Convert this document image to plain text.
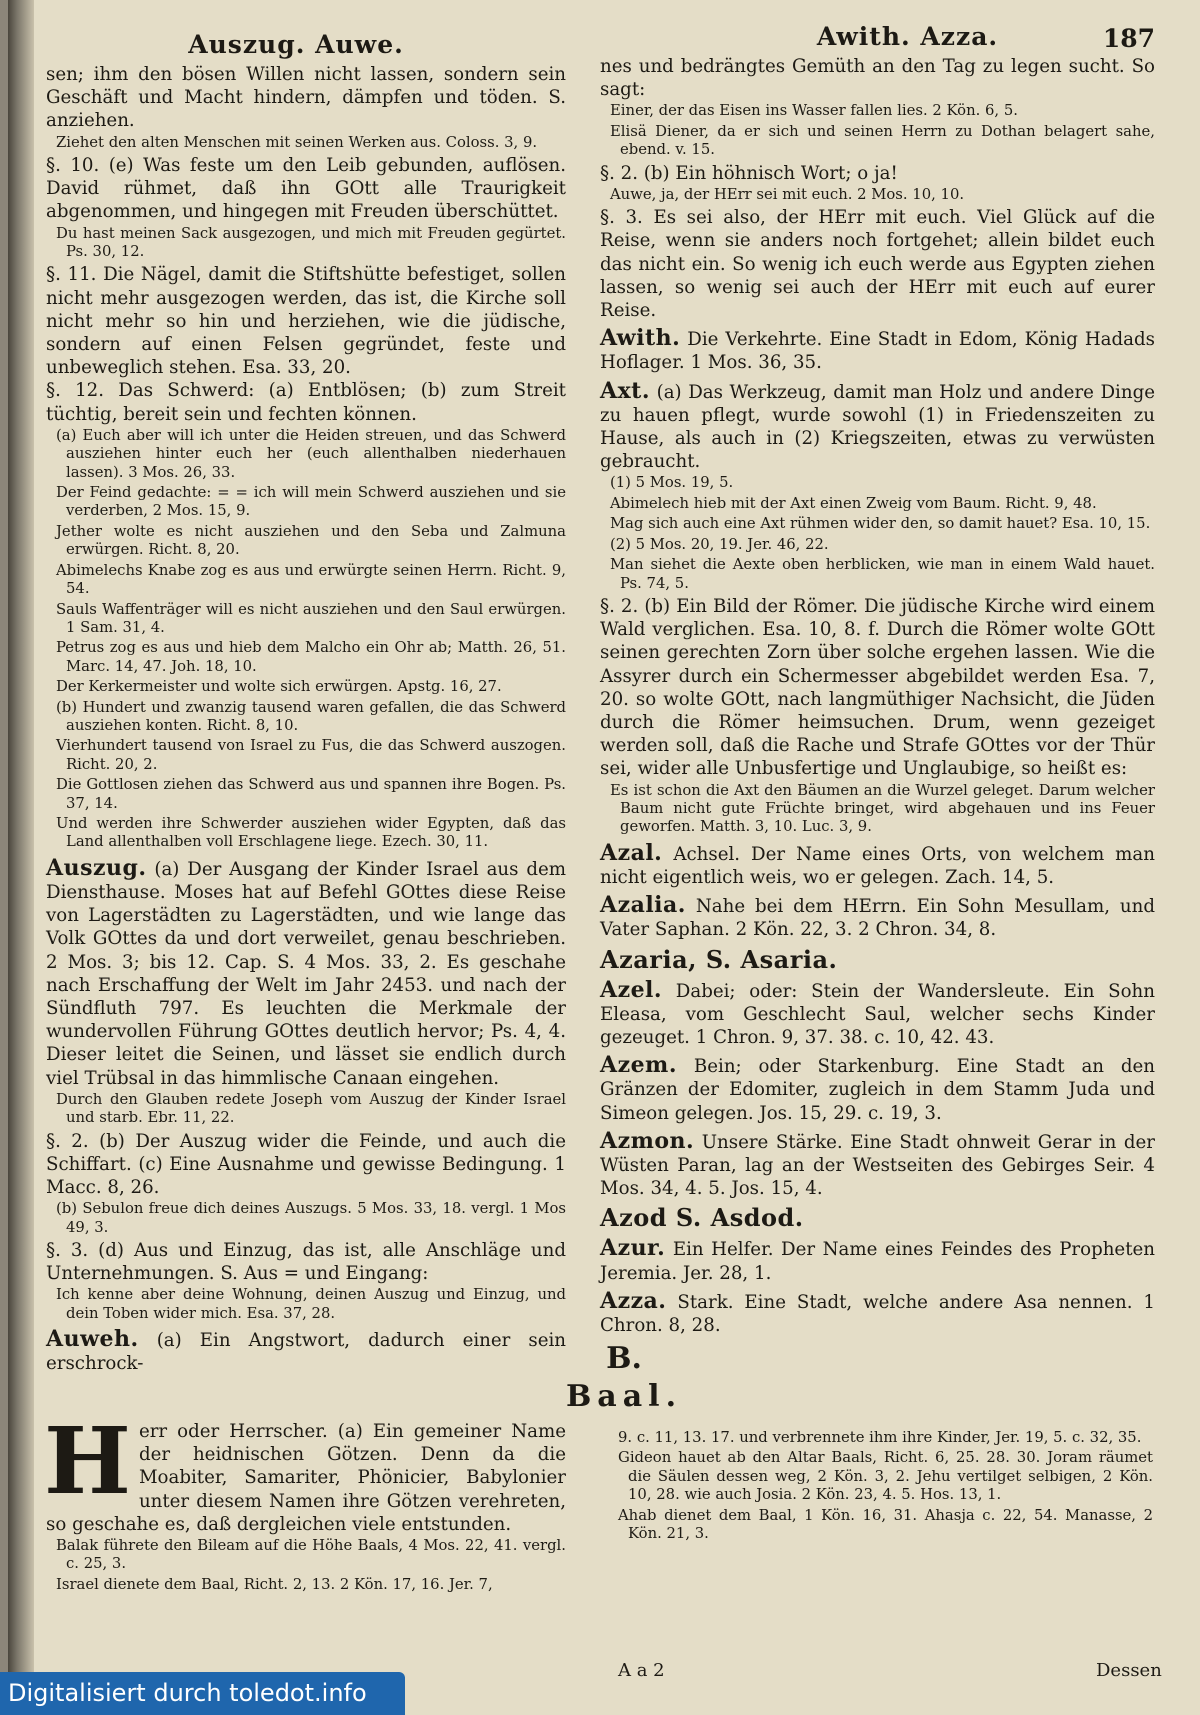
Auszug. Auwe.

sen; ihm den bösen Willen nicht lassen, sondern sein Geschäft und Macht hindern, dämpfen und töden. S. anziehen.

Ziehet den alten Menschen mit seinen Werken aus. Coloss. 3, 9.

§. 10. (e) Was feste um den Leib gebunden, auflösen. David rühmet, daß ihn GOtt alle Traurigkeit abgenommen, und hingegen mit Freuden überschüttet.

Du hast meinen Sack ausgezogen, und mich mit Freuden gegürtet. Ps. 30, 12.

§. 11. Die Nägel, damit die Stiftshütte befestiget, sollen nicht mehr ausgezogen werden, das ist, die Kirche soll nicht mehr so hin und herziehen, wie die jüdische, sondern auf einen Felsen gegründet, feste und unbeweglich stehen. Esa. 33, 20.

§. 12. Das Schwerd: (a) Entblösen; (b) zum Streit tüchtig, bereit sein und fechten können.

(a) Euch aber will ich unter die Heiden streuen, und das Schwerd ausziehen hinter euch her (euch allenthalben niederhauen lassen). 3 Mos. 26, 33.

Der Feind gedachte: = = ich will mein Schwerd ausziehen und sie verderben, 2 Mos. 15, 9.

Jether wolte es nicht ausziehen und den Seba und Zalmuna erwürgen. Richt. 8, 20.

Abimelechs Knabe zog es aus und erwürgte seinen Herrn. Richt. 9, 54.

Sauls Waffenträger will es nicht ausziehen und den Saul erwürgen. 1 Sam. 31, 4.

Petrus zog es aus und hieb dem Malcho ein Ohr ab; Matth. 26, 51. Marc. 14, 47. Joh. 18, 10.

Der Kerkermeister und wolte sich erwürgen. Apstg. 16, 27.

(b) Hundert und zwanzig tausend waren gefallen, die das Schwerd ausziehen konten. Richt. 8, 10.

Vierhundert tausend von Israel zu Fus, die das Schwerd auszogen. Richt. 20, 2.

Die Gottlosen ziehen das Schwerd aus und spannen ihre Bogen. Ps. 37, 14.

Und werden ihre Schwerder ausziehen wider Egypten, daß das Land allenthalben voll Erschlagene liege. Ezech. 30, 11.

Auszug. (a) Der Ausgang der Kinder Israel aus dem Diensthause. Moses hat auf Befehl GOttes diese Reise von Lagerstädten zu Lagerstädten, und wie lange das Volk GOttes da und dort verweilet, genau beschrieben. 2 Mos. 3; bis 12. Cap. S. 4 Mos. 33, 2. Es geschahe nach Erschaffung der Welt im Jahr 2453. und nach der Sündfluth 797. Es leuchten die Merkmale der wundervollen Führung GOttes deutlich hervor; Ps. 4, 4. Dieser leitet die Seinen, und lässet sie endlich durch viel Trübsal in das himmlische Canaan eingehen.

Durch den Glauben redete Joseph vom Auszug der Kinder Israel und starb. Ebr. 11, 22.

§. 2. (b) Der Auszug wider die Feinde, und auch die Schiffart. (c) Eine Ausnahme und gewisse Bedingung. 1 Macc. 8, 26.

(b) Sebulon freue dich deines Auszugs. 5 Mos. 33, 18. vergl. 1 Mos 49, 3.

§. 3. (d) Aus und Einzug, das ist, alle Anschläge und Unternehmungen. S. Aus = und Eingang:

Ich kenne aber deine Wohnung, deinen Auszug und Einzug, und dein Toben wider mich. Esa. 37, 28.

Auweh. (a) Ein Angstwort, dadurch einer sein erschrock-

Awith. Azza.	187

nes und bedrängtes Gemüth an den Tag zu legen sucht. So sagt:

Einer, der das Eisen ins Wasser fallen lies. 2 Kön. 6, 5.

Elisä Diener, da er sich und seinen Herrn zu Dothan belagert sahe, ebend. v. 15.

§. 2. (b) Ein höhnisch Wort; o ja!

Auwe, ja, der HErr sei mit euch. 2 Mos. 10, 10.

§. 3. Es sei also, der HErr mit euch. Viel Glück auf die Reise, wenn sie anders noch fortgehet; allein bildet euch das nicht ein. So wenig ich euch werde aus Egypten ziehen lassen, so wenig sei auch der HErr mit euch auf eurer Reise.

Awith. Die Verkehrte. Eine Stadt in Edom, König Hadads Hoflager. 1 Mos. 36, 35.

Axt. (a) Das Werkzeug, damit man Holz und andere Dinge zu hauen pflegt, wurde sowohl (1) in Friedenszeiten zu Hause, als auch in (2) Kriegszeiten, etwas zu verwüsten gebraucht.

(1) 5 Mos. 19, 5.

Abimelech hieb mit der Axt einen Zweig vom Baum. Richt. 9, 48.

Mag sich auch eine Axt rühmen wider den, so damit hauet? Esa. 10, 15.

(2) 5 Mos. 20, 19. Jer. 46, 22.

Man siehet die Aexte oben herblicken, wie man in einem Wald hauet. Ps. 74, 5.

§. 2. (b) Ein Bild der Römer. Die jüdische Kirche wird einem Wald verglichen. Esa. 10, 8. f. Durch die Römer wolte GOtt seinen gerechten Zorn über solche ergehen lassen. Wie die Assyrer durch ein Schermesser abgebildet werden Esa. 7, 20. so wolte GOtt, nach langmüthiger Nachsicht, die Jüden durch die Römer heimsuchen. Drum, wenn gezeiget werden soll, daß die Rache und Strafe GOttes vor der Thür sei, wider alle Unbusfertige und Unglaubige, so heißt es:

Es ist schon die Axt den Bäumen an die Wurzel geleget. Darum welcher Baum nicht gute Früchte bringet, wird abgehauen und ins Feuer geworfen. Matth. 3, 10. Luc. 3, 9.

Azal. Achsel. Der Name eines Orts, von welchem man nicht eigentlich weis, wo er gelegen. Zach. 14, 5.

Azalia. Nahe bei dem HErrn. Ein Sohn Mesullam, und Vater Saphan. 2 Kön. 22, 3. 2 Chron. 34, 8.

Azaria, S. Asaria.

Azel. Dabei; oder: Stein der Wandersleute. Ein Sohn Eleasa, vom Geschlecht Saul, welcher sechs Kinder gezeuget. 1 Chron. 9, 37. 38. c. 10, 42. 43.

Azem. Bein; oder Starkenburg. Eine Stadt an den Gränzen der Edomiter, zugleich in dem Stamm Juda und Simeon gelegen. Jos. 15, 29. c. 19, 3.

Azmon. Unsere Stärke. Eine Stadt ohnweit Gerar in der Wüsten Paran, lag an der Westseiten des Gebirges Seir. 4 Mos. 34, 4. 5. Jos. 15, 4.

Azod S. Asdod.

Azur. Ein Helfer. Der Name eines Feindes des Propheten Jeremia. Jer. 28, 1.

Azza. Stark. Eine Stadt, welche andere Asa nennen. 1 Chron. 8, 28.

B.
Baal.

Herr oder Herrscher. (a) Ein gemeiner Name der heidnischen Götzen. Denn da die Moabiter, Samariter, Phönicier, Babylonier unter diesem Namen ihre Götzen verehreten, so geschahe es, daß dergleichen viele entstunden.

Balak führete den Bileam auf die Höhe Baals, 4 Mos. 22, 41. vergl. c. 25, 3.

Israel dienete dem Baal, Richt. 2, 13. 2 Kön. 17, 16. Jer. 7,

9. c. 11, 13. 17. und verbrennete ihm ihre Kinder, Jer. 19, 5. c. 32, 35.

Gideon hauet ab den Altar Baals, Richt. 6, 25. 28. 30. Joram räumet die Säulen dessen weg, 2 Kön. 3, 2. Jehu vertilget selbigen, 2 Kön. 10, 28. wie auch Josia. 2 Kön. 23, 4. 5. Hos. 13, 1.

Ahab dienet dem Baal, 1 Kön. 16, 31. Ahasja c. 22, 54. Manasse, 2 Kön. 21, 3.

A a 2	Dessen
Digitalisiert durch toledot.info
